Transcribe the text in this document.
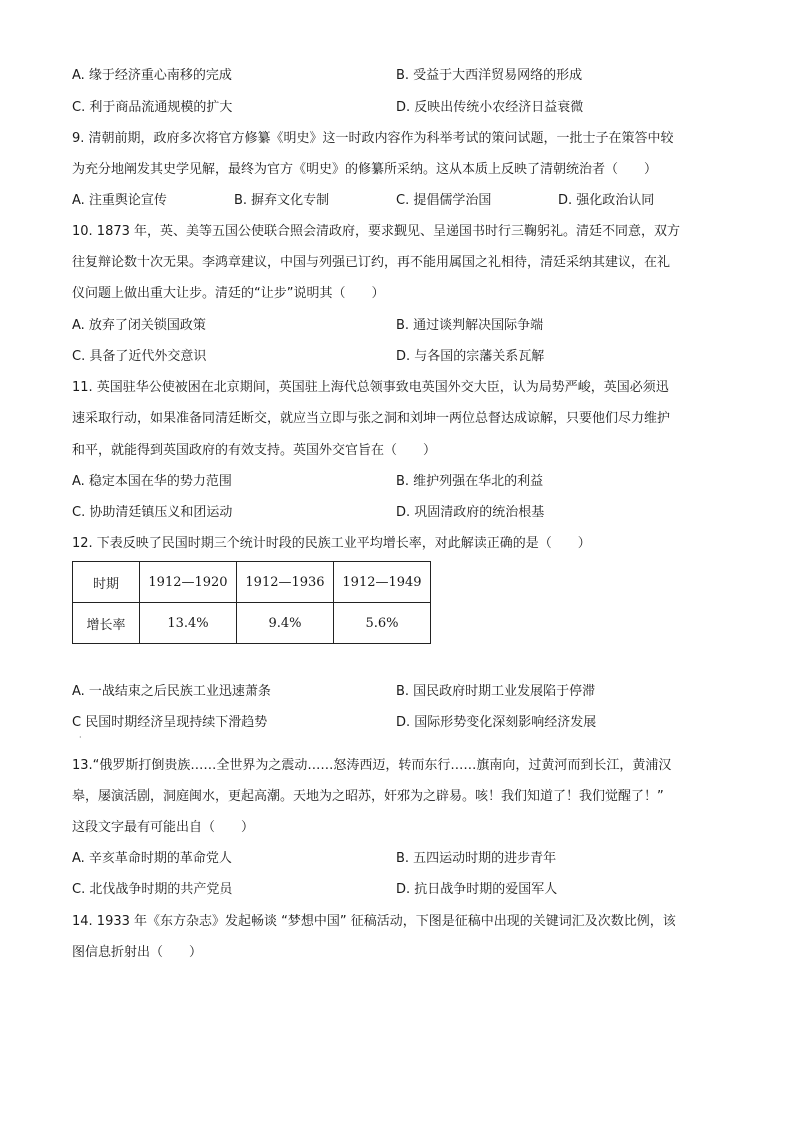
A. 缘于经济重心南移的完成	B. 受益于大西洋贸易网络的形成
C. 利于商品流通规模的扩大	D. 反映出传统小农经济日益衰微
9. 清朝前期，政府多次将官方修纂《明史》这一时政内容作为科举考试的策问试题，一批士子在策答中较
为充分地阐发其史学见解，最终为官方《明史》的修纂所采纳。这从本质上反映了清朝统治者（　　）
A. 注重舆论宣传	B. 摒弃文化专制	C. 提倡儒学治国	D. 强化政治认同
10. 1873 年，英、美等五国公使联合照会清政府，要求觐见、呈递国书时行三鞠躬礼。清廷不同意，双方
往复辩论数十次无果。李鸿章建议，中国与列强已订约，再不能用属国之礼相待，清廷采纳其建议，在礼
仪问题上做出重大让步。清廷的“让步”说明其（　　）
A. 放弃了闭关锁国政策	B. 通过谈判解决国际争端
C. 具备了近代外交意识	D. 与各国的宗藩关系瓦解
11. 英国驻华公使被困在北京期间，英国驻上海代总领事致电英国外交大臣，认为局势严峻，英国必须迅
速采取行动，如果准备同清廷断交，就应当立即与张之洞和刘坤一两位总督达成谅解，只要他们尽力维护
和平，就能得到英国政府的有效支持。英国外交官旨在（　　）
A. 稳定本国在华的势力范围	B. 维护列强在华北的利益
C. 协助清廷镇压义和团运动	D. 巩固清政府的统治根基
12. 下表反映了民国时期三个统计时段的民族工业平均增长率，对此解读正确的是（　　）
时期	1912—1920	1912—1936	1912—1949
增长率	13.4%	9.4%	5.6%
A. 一战结束之后民族工业迅速萧条	B. 国民政府时期工业发展陷于停滞
C 民国时期经济呈现持续下滑趋势	D. 国际形势变化深刻影响经济发展
·
13.“俄罗斯打倒贵族……全世界为之震动……怒涛西迈，转而东行……旗南向，过黄河而到长江，黄浦汉
皋，屡演活剧，洞庭闽水，更起高潮。天地为之昭苏，奸邪为之辟易。咳！我们知道了！我们觉醒了！”
这段文字最有可能出自（　　）
A. 辛亥革命时期的革命党人	B. 五四运动时期的进步青年
C. 北伐战争时期的共产党员	D. 抗日战争时期的爱国军人
14. 1933 年《东方杂志》发起畅谈 “梦想中国” 征稿活动，下图是征稿中出现的关键词汇及次数比例，该
图信息折射出（　　）
